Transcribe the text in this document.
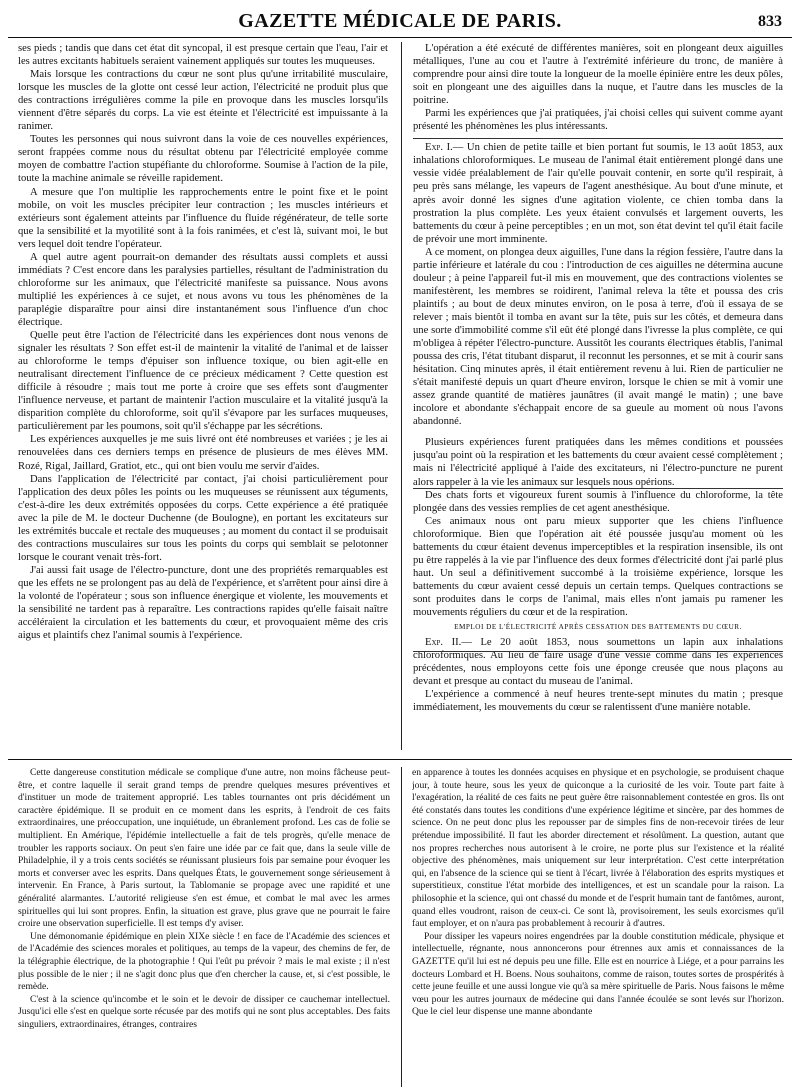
GAZETTE MÉDICALE DE PARIS.	833

ses pieds ; tandis que dans cet état dit syncopal, il est presque certain que l'eau, l'air et les autres excitants habituels seraient vainement appliqués sur toutes les muqueuses.

Mais lorsque les contractions du cœur ne sont plus qu'une irritabilité musculaire, lorsque les muscles de la glotte ont cessé leur action, l'électricité ne produit plus que des contractions irrégulières comme la pile en provoque dans les muscles lorsqu'ils viennent d'être séparés du corps. La vie est éteinte et l'électricité est impuissante à la ranimer.

Toutes les personnes qui nous suivront dans la voie de ces nouvelles expériences, seront frappées comme nous du résultat obtenu par l'électricité employée comme moyen de combattre l'action stupéfiante du chloroforme. Soumise à l'action de la pile, toute la machine animale se réveille rapidement.

A mesure que l'on multiplie les rapprochements entre le point fixe et le point mobile, on voit les muscles précipiter leur contraction ; les muscles intérieurs et extérieurs sont également atteints par l'influence du fluide régénérateur, de telle sorte que la sensibilité et la myotilité sont à la fois ranimées, et c'est là, suivant moi, le but vers lequel doit tendre l'opérateur.

A quel autre agent pourrait-on demander des résultats aussi complets et aussi immédiats ? C'est encore dans les paralysies partielles, résultant de l'administration du chloroforme sur les animaux, que l'électricité manifeste sa puissance. Nous avons multiplié les expériences à ce sujet, et nous avons vu tous les phénomènes de la paraplégie disparaître pour ainsi dire instantanément sous l'influence d'un choc électrique.

Quelle peut être l'action de l'électricité dans les expériences dont nous venons de signaler les résultats ? Son effet est-il de maintenir la vitalité de l'animal et de laisser au chloroforme le temps d'épuiser son influence toxique, ou bien agit-elle en neutralisant directement l'influence de ce précieux médicament ? Cette question est difficile à résoudre ; mais tout me porte à croire que ses effets sont d'augmenter l'influence nerveuse, et partant de maintenir l'action musculaire et la vitalité jusqu'à la disparition complète du chloroforme, soit qu'il s'évapore par les surfaces muqueuses, particulièrement par les poumons, soit qu'il s'échappe par les sécrétions.

Les expériences auxquelles je me suis livré ont été nombreuses et variées ; je les ai renouvelées dans ces derniers temps en présence de plusieurs de mes élèves MM. Rozé, Rigal, Jaillard, Gratiot, etc., qui ont bien voulu me servir d'aides.

Dans l'application de l'électricité par contact, j'ai choisi particulièrement pour l'application des deux pôles les points ou les muqueuses se réunissent aux téguments, c'est-à-dire les deux extrémités opposées du corps. Cette expérience a été pratiquée avec la pile de M. le docteur Duchenne (de Boulogne), en portant les excitateurs sur les extrémités buccale et rectale des muqueuses ; au moment du contact il se produisait des contractions musculaires sur tous les points du corps qui semblait se pelotonner lorsque le courant venait très-fort.

J'ai aussi fait usage de l'électro-puncture, dont une des propriétés remarquables est que les effets ne se prolongent pas au delà de l'expérience, et s'arrêtent pour ainsi dire à la volonté de l'opérateur ; sous son influence énergique et violente, les mouvements et la sensibilité ne tardent pas à reparaître. Les contractions rapides qu'elle faisait naître accéléraient la circulation et les battements du cœur, et provoquaient même des cris aigus et plaintifs chez l'animal soumis à l'expérience.

L'opération a été exécuté de différentes manières, soit en plongeant deux aiguilles métalliques, l'une au cou et l'autre à l'extrémité inférieure du tronc, de manière à comprendre pour ainsi dire toute la longueur de la moelle épinière entre les deux pôles, soit en plongeant une des aiguilles dans la nuque, et l'autre dans les muscles de la poitrine.

Parmi les expériences que j'ai pratiquées, j'ai choisi celles qui suivent comme ayant présenté les phénomènes les plus intéressants.

Exp. I.— Un chien de petite taille et bien portant fut soumis, le 13 août 1853, aux inhalations chloroformiques. Le museau de l'animal était entièrement plongé dans une vessie vidée préalablement de l'air qu'elle pouvait contenir, en sorte qu'il respirait, à peu près sans mélange, les vapeurs de l'agent anesthésique. Au bout d'une minute, et après avoir donné les signes d'une agitation violente, ce chien tomba dans la prostration la plus complète. Les yeux étaient convulsés et largement ouverts, les battements du cœur à peine perceptibles ; en un mot, son état devint tel qu'il était facile de prévoir une mort imminente.

A ce moment, on plongea deux aiguilles, l'une dans la région fessière, l'autre dans la partie inférieure et latérale du cou : l'introduction de ces aiguilles ne détermina aucune douleur ; à peine l'appareil fut-il mis en mouvement, que des contractions violentes se manifestèrent, les membres se roidirent, l'animal releva la tête et poussa des cris plaintifs ; au bout de deux minutes environ, on le posa à terre, d'où il essaya de se relever ; mais bientôt il tomba en avant sur la tête, puis sur les côtés, et demeura dans une sorte d'immobilité comme s'il eût été plongé dans l'ivresse la plus complète, ce qui m'obligea à répéter l'électro-puncture. Aussitôt les courants électriques établis, l'animal poussa des cris, l'état titubant disparut, il reconnut les personnes, et se mit à courir sans hésitation. Cinq minutes après, il était entièrement revenu à lui. Rien de particulier ne s'était manifesté depuis un quart d'heure environ, lorsque le chien se mit à vomir une assez grande quantité de matières jaunâtres (il avait mangé le matin) ; une bave incolore et abondante s'échappait encore de sa gueule au moment où nous l'avons abandonné.

Plusieurs expériences furent pratiquées dans les mêmes conditions et poussées jusqu'au point où la respiration et les battements du cœur avaient cessé complètement ; mais ni l'électricité appliqué à l'aide des excitateurs, ni l'électro-puncture ne purent alors rappeler à la vie les animaux sur lesquels nous opérions.

Des chats forts et vigoureux furent soumis à l'influence du chloroforme, la tête plongée dans des vessies remplies de cet agent anesthésique.

Ces animaux nous ont paru mieux supporter que les chiens l'influence chloroformique. Bien que l'opération ait été poussée jusqu'au moment où les battements du cœur étaient devenus imperceptibles et la respiration insensible, ils ont pu être rappelés à la vie par l'influence des deux formes d'électricité dont j'ai parlé plus haut. Un seul a définitivement succombé à la troisième expérience, lorsque les battements du cœur avaient cessé depuis un certain temps. Quelques contractions se sont produites dans le corps de l'animal, mais elles n'ont jamais pu ramener les mouvements réguliers du cœur et de la respiration.

EMPLOI DE L'ÉLECTRICITÉ APRÈS CESSATION DES BATTEMENTS DU CŒUR.

Exp. II.— Le 20 août 1853, nous soumettons un lapin aux inhalations chloroformiques. Au lieu de faire usage d'une vessie comme dans les expériences précédentes, nous employons cette fois une éponge creusée que nous plaçons au devant et presque au contact du museau de l'animal.

L'expérience a commencé à neuf heures trente-sept minutes du matin ; presque immédiatement, les mouvements du cœur se ralentissent d'une manière notable.

Cette dangereuse constitution médicale se complique d'une autre, non moins fâcheuse peut-être, et contre laquelle il serait grand temps de prendre quelques mesures préventives et d'instituer un mode de traitement approprié. Les tables tournantes ont pris décidément un caractère épidémique. Il se produit en ce moment dans les esprits, à l'endroit de ces faits extraordinaires, une préoccupation, une inquiétude, un ébranlement profond. Les cas de folie se multiplient. En Amérique, l'épidémie intellectuelle a fait de tels progrès, qu'elle menace de troubler les rapports sociaux. On peut s'en faire une idée par ce fait que, dans la seule ville de Philadelphie, il y a trois cents sociétés se réunissant plusieurs fois par semaine pour évoquer les morts et converser avec les esprits. Dans quelques États, le gouvernement songe sérieusement à intervenir. En France, à Paris surtout, la Tablomanie se propage avec une rapidité et une généralité alarmantes. L'autorité religieuse s'en est émue, et combat le mal avec les armes spirituelles qui lui sont propres. Enfin, la situation est grave, plus grave que ne pourrait le faire croire une observation superficielle. Il est temps d'y aviser.

Une démonomanie épidémique en plein XIXe siècle ! en face de l'Académie des sciences et de l'Académie des sciences morales et politiques, au temps de la vapeur, des chemins de fer, de la télégraphie électrique, de la photographie ! Qui l'eût pu prévoir ? mais le mal existe ; il n'est plus possible de le nier ; il ne s'agit donc plus que d'en chercher la cause, et, si c'est possible, le remède.

C'est à la science qu'incombe et le soin et le devoir de dissiper ce cauchemar intellectuel. Jusqu'ici elle s'est en quelque sorte récusée par des motifs qui ne sont plus acceptables. Des faits singuliers, extraordinaires, étranges, contraires

en apparence à toutes les données acquises en physique et en psychologie, se produisent chaque jour, à toute heure, sous les yeux de quiconque a la curiosité de les voir. Toute part faite à l'exagération, la réalité de ces faits ne peut guère être raisonnablement contestée en gros. Ils ont été constatés dans toutes les conditions d'une expérience légitime et sincère, par des hommes de science. On ne peut donc plus les repousser par de simples fins de non-recevoir tirées de leur prétendue impossibilité. Il faut les aborder directement et résolûment. La question, autant que nos propres recherches nous autorisent à le croire, ne porte plus sur l'existence et la réalité objective des phénomènes, mais uniquement sur leur interprétation. C'est cette interprétation qui, en l'absence de la science qui se tient à l'écart, livrée à l'élaboration des esprits mystiques et superstitieux, constitue l'état morbide des intelligences, et est un scandale pour la raison. La philosophie et la science, qui ont chassé du monde et de l'esprit humain tant de fantômes, auront, quand elles voudront, raison de ceux-ci. Ce sont là, provisoirement, les seuls exorcismes qu'il faut employer, et on n'aura pas probablement à recourir à d'autres.

Pour dissiper les vapeurs noires engendrées par la double constitution médicale, physique et intellectuelle, régnante, nous annoncerons pour étrennes aux amis et connaissances de la GAZETTE qu'il lui est né depuis peu une fille. Elle est en nourrice à Liége, et a pour parrains les docteurs Lombard et H. Boens. Nous souhaitons, comme de raison, toutes sortes de prospérités à cette jeune feuille et une aussi longue vie qu'à sa mère spirituelle de Paris. Nous faisons le même vœu pour les autres journaux de médecine qui dans l'année écoulée se sont levés sur l'horizon. Que le ciel leur dispense une manne abondante
